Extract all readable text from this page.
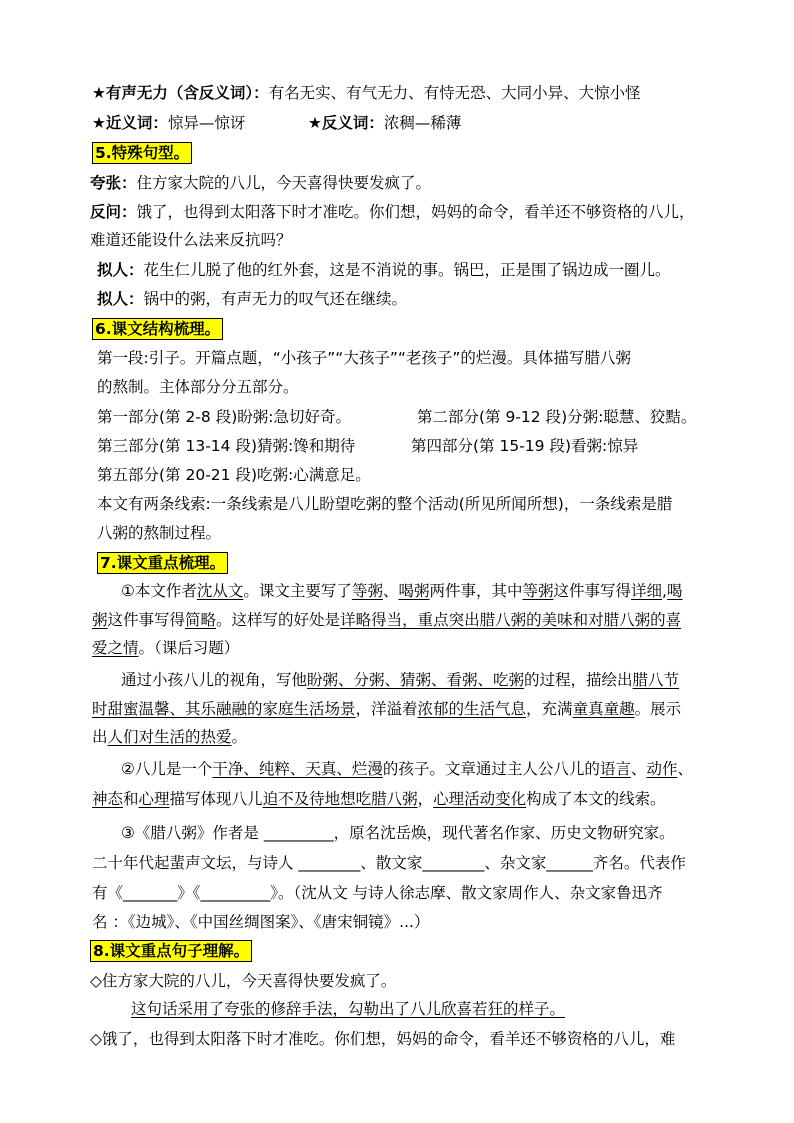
★有声无力（含反义词）：有名无实、有气无力、有恃无恐、大同小异、大惊小怪
★近义词：惊异—惊讶	★反义词：浓稠—稀薄
5.特殊句型。
夸张：住方家大院的八儿，今天喜得快要发疯了。
反问：饿了，也得到太阳落下时才准吃。你们想，妈妈的命令，看羊还不够资格的八儿，
难道还能设什么法来反抗吗？
拟人：花生仁儿脱了他的红外套，这是不消说的事。锅巴，正是围了锅边成一圈儿。
拟人：锅中的粥，有声无力的叹气还在继续。
6.课文结构梳理。
第一段:引子。开篇点题，“小孩子”“大孩子”“老孩子”的烂漫。具体描写腊八粥
的熬制。主体部分分五部分。
第一部分(第 2-8 段)盼粥:急切好奇。	第二部分(第 9-12 段)分粥:聪慧、狡黠。
第三部分(第 13-14 段)猜粥:馋和期待	第四部分(第 15-19 段)看粥:惊异
第五部分(第 20-21 段)吃粥:心满意足。
本文有两条线索:一条线索是八儿盼望吃粥的整个活动(所见所闻所想)，一条线索是腊
八粥的熬制过程。
7.课文重点梳理。
①本文作者沈从文。课文主要写了等粥、喝粥两件事，其中等粥这件事写得详细,喝
粥这件事写得简略。这样写的好处是详略得当，重点突出腊八粥的美味和对腊八粥的喜
爱之情。（课后习题）
通过小孩八儿的视角，写他盼粥、分粥、猜粥、看粥、吃粥的过程，描绘出腊八节
时甜蜜温馨、其乐融融的家庭生活场景，洋溢着浓郁的生活气息，充满童真童趣。展示
出人们对生活的热爱。
②八儿是一个干净、纯粹、天真、烂漫的孩子。文章通过主人公八儿的语言、动作、
神态和心理描写体现八儿迫不及待地想吃腊八粥，心理活动变化构成了本文的线索。
③《腊八粥》作者是 _________，原名沈岳焕，现代著名作家、历史文物研究家。
二十年代起蜚声文坛，与诗人 ________、散文家________、杂文家______齐名。代表作
有《_______》《_________》。（沈从文 与诗人徐志摩、散文家周作人、杂文家鲁迅齐
名 ：《边城》、《中国丝绸图案》、《唐宋铜镜》...）
8.课文重点句子理解。
◇住方家大院的八儿，今天喜得快要发疯了。
这句话采用了夸张的修辞手法，勾勒出了八儿欣喜若狂的样子。
◇饿了，也得到太阳落下时才准吃。你们想，妈妈的命令，看羊还不够资格的八儿，难
